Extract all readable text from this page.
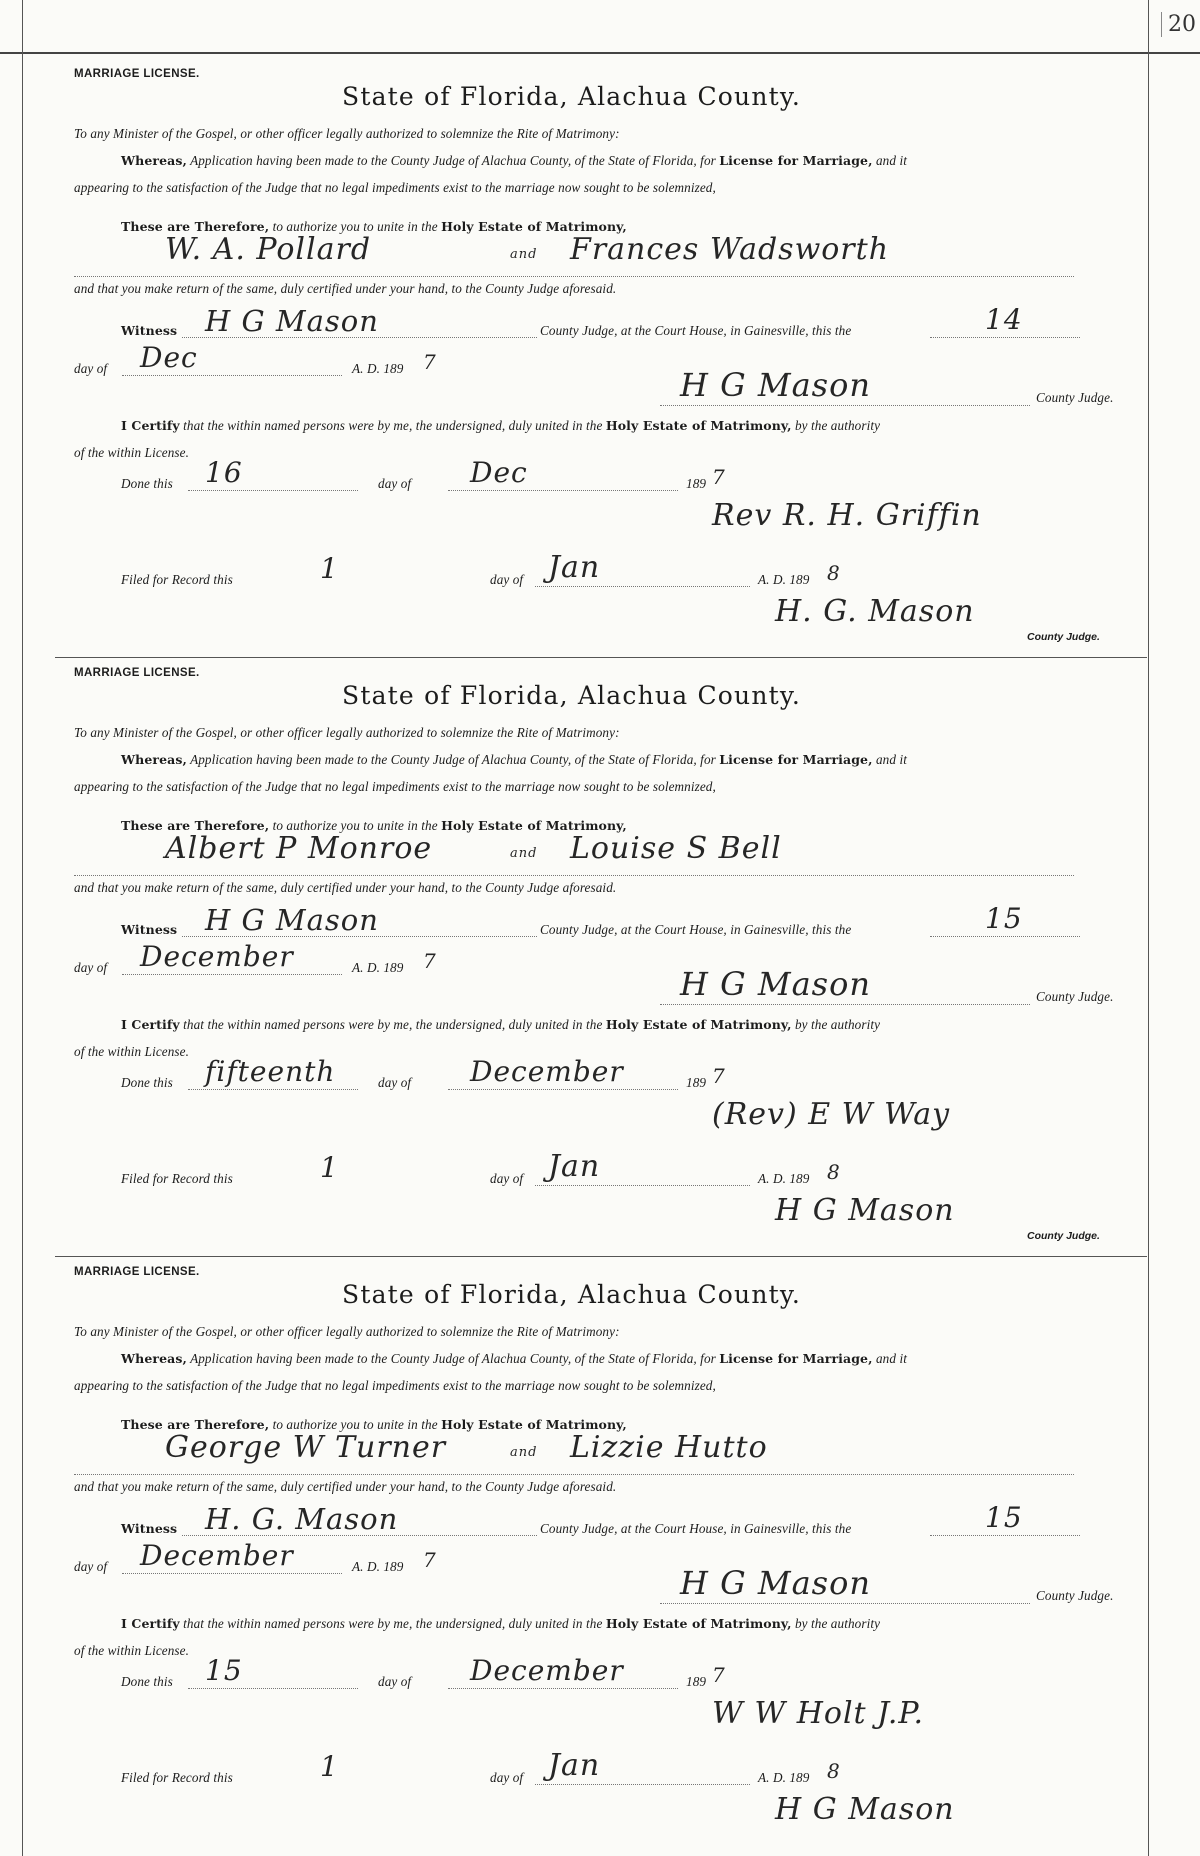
20
MARRIAGE LICENSE.
State of Florida, Alachua County.
To any Minister of the Gospel, or other officer legally authorized to solemnize the Rite of Matrimony:
Whereas, Application having been made to the County Judge of Alachua County, of the State of Florida, for License for Marriage, and it
appearing to the satisfaction of the Judge that no legal impediments exist to the marriage now sought to be solemnized,
These are Therefore, to authorize you to unite in the Holy Estate of Matrimony,
W. A. Pollard	and Frances Wadsworth
and that you make return of the same, duly certified under your hand, to the County Judge aforesaid.
Witness H G Mason	County Judge, at the Court House, in Gainesville, this the	14
day of Dec	A. D. 189 7
H G Mason	County Judge.
I Certify that the within named persons were by me, the undersigned, duly united in the Holy Estate of Matrimony, by the authority
of the within License.
Done this 16	day of Dec	189 7
Rev R. H. Griffin
Filed for Record this	1	day of Jan	A. D. 189 8
H. G. Mason
County Judge.
MARRIAGE LICENSE.
State of Florida, Alachua County.
To any Minister of the Gospel, or other officer legally authorized to solemnize the Rite of Matrimony:
Whereas, Application having been made to the County Judge of Alachua County, of the State of Florida, for License for Marriage, and it
appearing to the satisfaction of the Judge that no legal impediments exist to the marriage now sought to be solemnized,
These are Therefore, to authorize you to unite in the Holy Estate of Matrimony,
Albert P Monroe	and Louise S Bell
and that you make return of the same, duly certified under your hand, to the County Judge aforesaid.
Witness H G Mason	County Judge, at the Court House, in Gainesville, this the	15
day of December	A. D. 189 7
H G Mason	County Judge.
I Certify that the within named persons were by me, the undersigned, duly united in the Holy Estate of Matrimony, by the authority
of the within License.
Done this fifteenth	day of December	189 7
(Rev) E W Way
Filed for Record this	1	day of Jan	A. D. 189 8
H G Mason
County Judge.
MARRIAGE LICENSE.
State of Florida, Alachua County.
To any Minister of the Gospel, or other officer legally authorized to solemnize the Rite of Matrimony:
Whereas, Application having been made to the County Judge of Alachua County, of the State of Florida, for License for Marriage, and it
appearing to the satisfaction of the Judge that no legal impediments exist to the marriage now sought to be solemnized,
These are Therefore, to authorize you to unite in the Holy Estate of Matrimony,
George W Turner	and Lizzie Hutto
and that you make return of the same, duly certified under your hand, to the County Judge aforesaid.
Witness H. G. Mason	County Judge, at the Court House, in Gainesville, this the	15
day of December	A. D. 189 7
H G Mason	County Judge.
I Certify that the within named persons were by me, the undersigned, duly united in the Holy Estate of Matrimony, by the authority
of the within License.
Done this 15	day of December	189 7
W W Holt J.P.
Filed for Record this	1	day of Jan	A. D. 189 8
H G Mason
